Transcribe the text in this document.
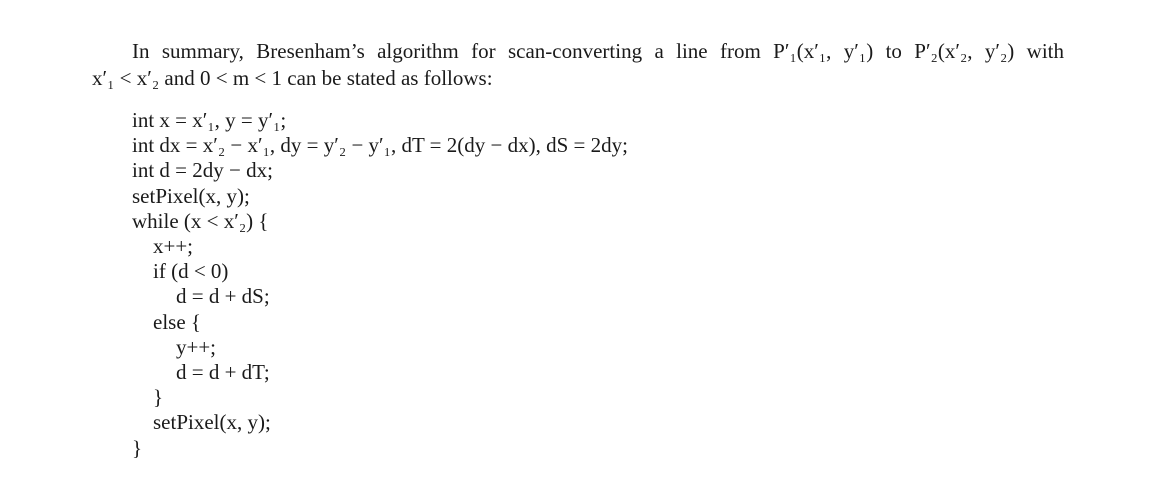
In summary, Bresenham’s algorithm for scan-converting a line from P′₁(x′₁, y′₁) to P′₂(x′₂, y′₂) with
x′₁ < x′₂ and 0 < m < 1 can be stated as follows:
int x = x′₁, y = y′₁;
int dx = x′₂ − x′₁, dy = y′₂ − y′₁, dT = 2(dy − dx), dS = 2dy;
int d = 2dy − dx;
setPixel(x, y);
while (x < x′₂) {
x++;
if (d < 0)
d = d + dS;
else {
y++;
d = d + dT;
}
setPixel(x, y);
}
